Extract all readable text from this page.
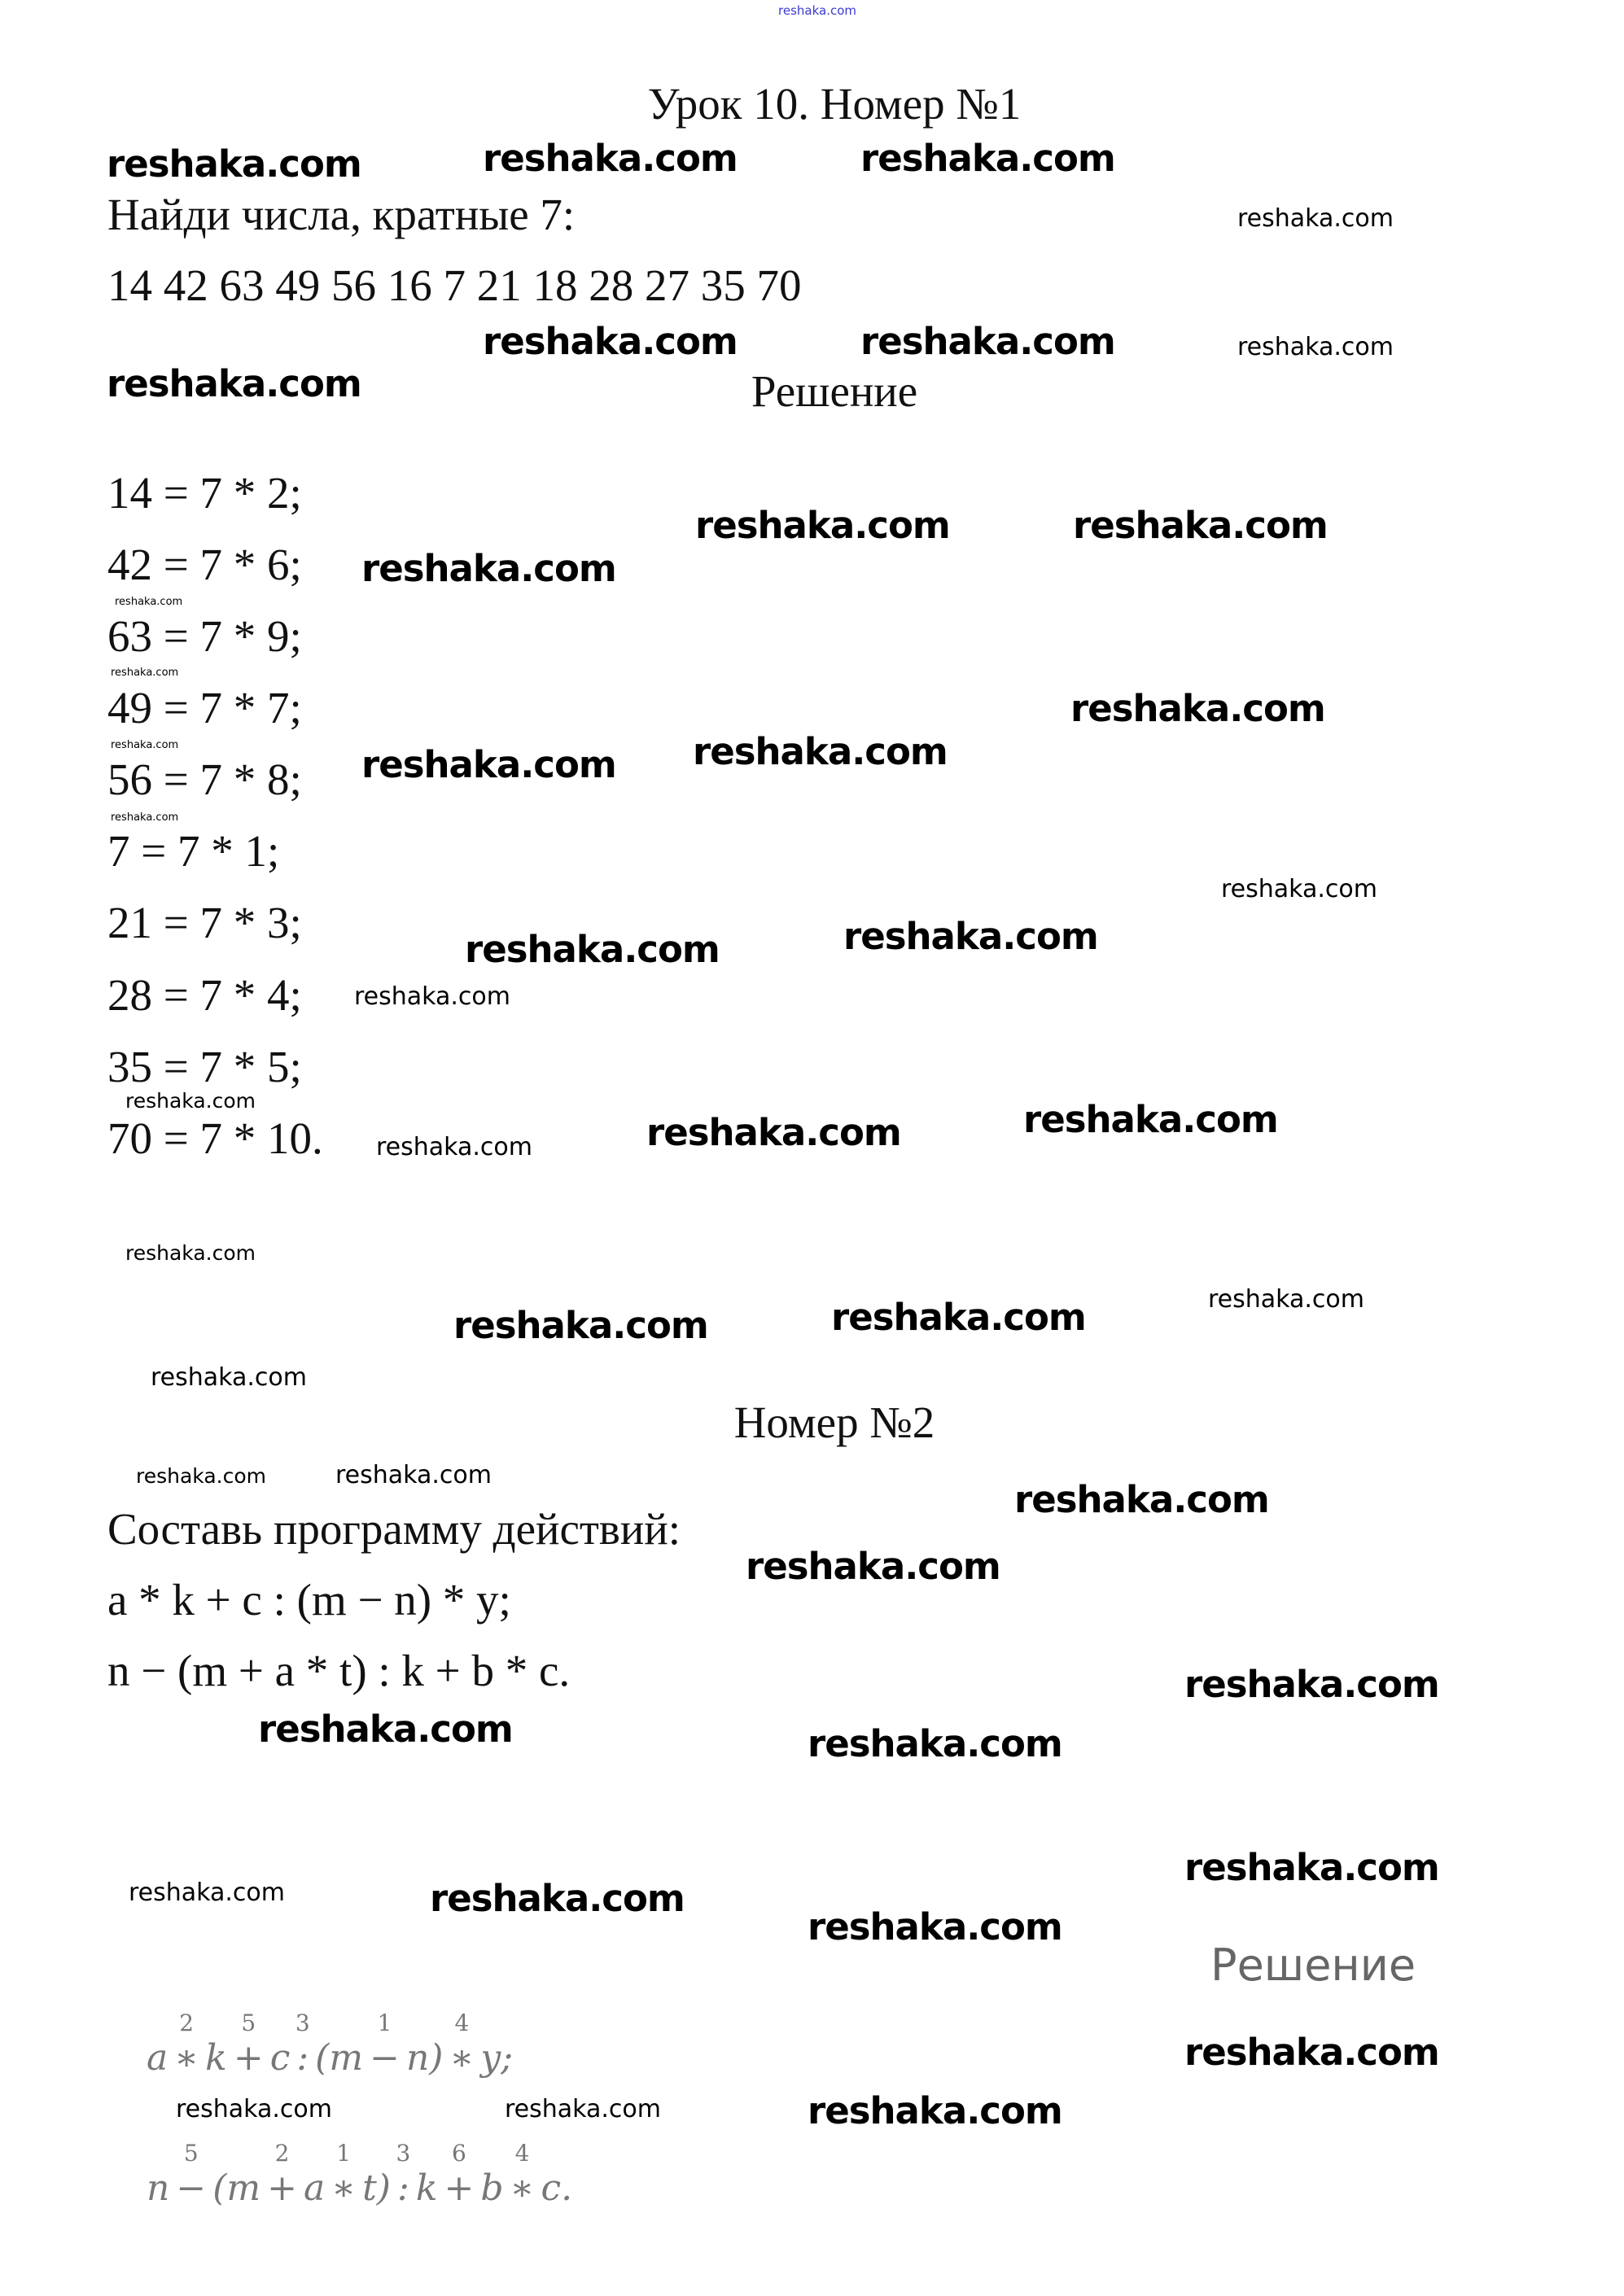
reshaka.com
Урок 10. Номер №1
Найди числа, кратные 7:
14 42 63 49 56 16 7 21 18 28 27 35 70
Решение
14 = 7 * 2;
42 = 7 * 6;
63 = 7 * 9;
49 = 7 * 7;
56 = 7 * 8;
7 = 7 * 1;
21 = 7 * 3;
28 = 7 * 4;
35 = 7 * 5;
70 = 7 * 10.
Номер №2
Составь программу действий:
a * k + c : (m − n) * y;
n − (m + a * t) : k + b * c.
Решение
a ∗
2
k +
5
c :
3
(m −
1
n) ∗
4
y;
n −
5
(m +
2
a ∗
1
t) :
3
k +
6
b ∗
4
c.
reshaka.com	reshaka.com
reshaka.com
reshaka.com
reshaka.com	reshaka.com	reshaka.com
reshaka.com
reshaka.com	reshaka.com
reshaka.com
reshaka.com
reshaka.com
reshaka.com
reshaka.com
reshaka.com
reshaka.com
reshaka.com
reshaka.com
reshaka.com
reshaka.com
reshaka.com
reshaka.com
reshaka.com	reshaka.com
reshaka.com
reshaka.com
reshaka.com	reshaka.com	reshaka.com
reshaka.com
reshaka.com
reshaka.com	reshaka.com
reshaka.com
reshaka.com
reshaka.com	reshaka.com
reshaka.com	reshaka.com
reshaka.com
reshaka.com
reshaka.com
reshaka.com	reshaka.com	reshaka.com
